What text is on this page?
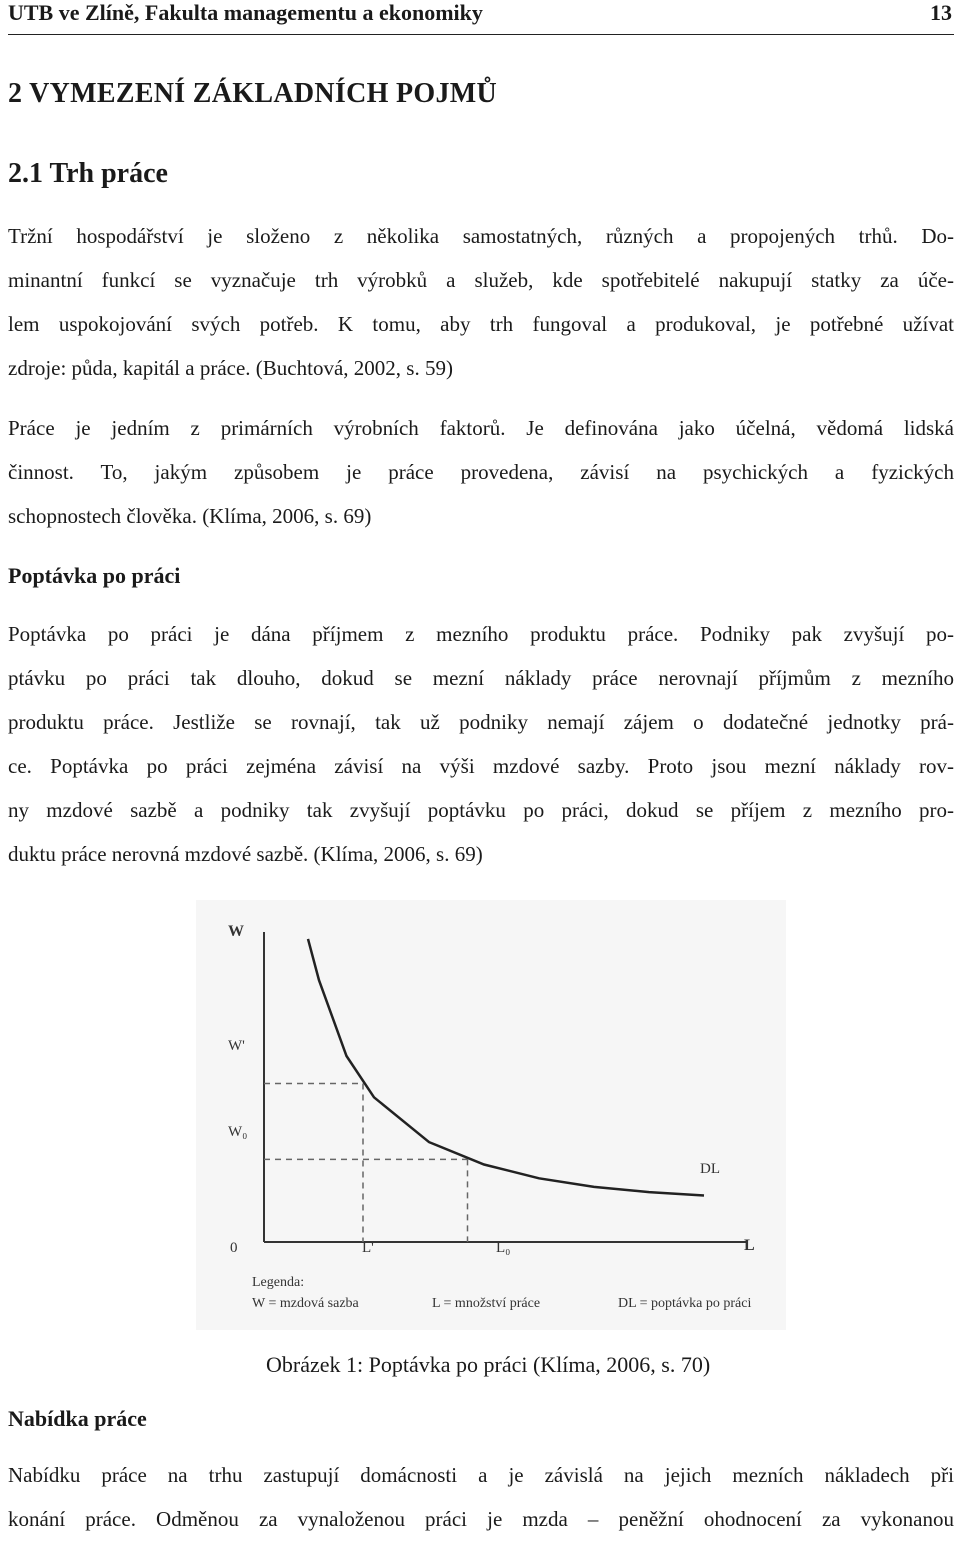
UTB ve Zlíně, Fakulta managementu a ekonomiky	13
2 VYMEZENÍ ZÁKLADNÍCH POJMŮ
2.1 Trh práce
Tržní hospodářství je složeno z několika samostatných, různých a propojených trhů. Do-
minantní funkcí se vyznačuje trh výrobků a služeb, kde spotřebitelé nakupují statky za úče-
lem uspokojování svých potřeb. K tomu, aby trh fungoval a produkoval, je potřebné užívat
zdroje: půda, kapitál a práce. (Buchtová, 2002, s. 59)
Práce je jedním z primárních výrobních faktorů. Je definována jako účelná, vědomá lidská
činnost. To, jakým způsobem je práce provedena, závisí na psychických a fyzických
schopnostech člověka. (Klíma, 2006, s. 69)
Poptávka po práci
Poptávka po práci je dána příjmem z mezního produktu práce. Podniky pak zvyšují po-
ptávku po práci tak dlouho, dokud se mezní náklady práce nerovnají příjmům z mezního
produktu práce. Jestliže se rovnají, tak už podniky nemají zájem o dodatečné jednotky prá-
ce. Poptávka po práci zejména závisí na výši mzdové sazby. Proto jsou mezní náklady rov-
ny mzdové sazbě a podniky tak zvyšují poptávku po práci, dokud se příjem z mezního pro-
duktu práce nerovná mzdové sazbě. (Klíma, 2006, s. 69)
W
L
0
W'
W₀
L'	L₀
DL
Legenda:
W = mzdová sazba	L = množství práce	DL = poptávka po práci
Obrázek 1: Poptávka po práci (Klíma, 2006, s. 70)
Nabídka práce
Nabídku práce na trhu zastupují domácnosti a je závislá na jejich mezních nákladech při
konání práce. Odměnou za vynaloženou práci je mzda – peněžní ohodnocení za vykonanou
